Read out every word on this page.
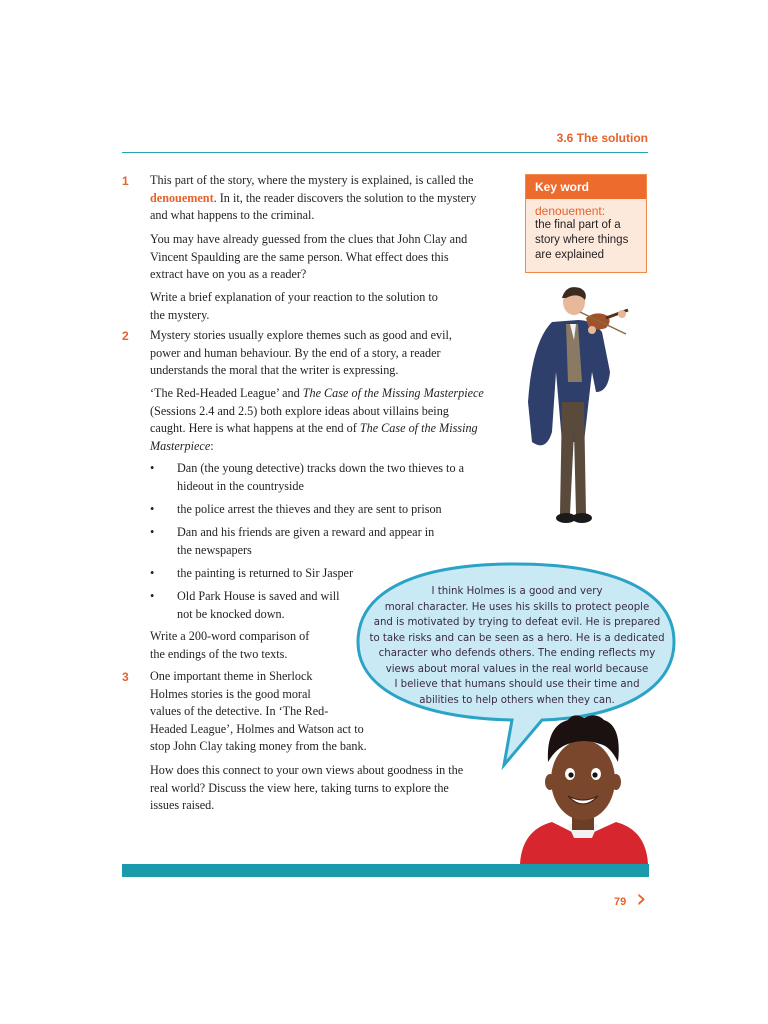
3.6 The solution
Key word
denouement:
the final part of a
story where things
are explained
I think Holmes is a good and very
moral character. He uses his skills to protect people
and is motivated by trying to defeat evil. He is prepared
to take risks and can be seen as a hero. He is a dedicated
character who defends others. The ending reflects my
views about moral values in the real world because
I believe that humans should use their time and
abilities to help others when they can.
1 This part of the story, where the mystery is explained, is called the

denouement. In it, the reader discovers the solution to the mystery

and what happens to the criminal.

You may have already guessed from the clues that John Clay and

Vincent Spaulding are the same person. What effect does this

extract have on you as a reader?

Write a brief explanation of your reaction to the solution to

the mystery.

2 Mystery stories usually explore themes such as good and evil,

power and human behaviour. By the end of a story, a reader

understands the moral that the writer is expressing.

‘The Red-Headed League’ and The Case of the Missing Masterpiece

(Sessions 2.4 and 2.5) both explore ideas about villains being

caught. Here is what happens at the end of The Case of the Missing

Masterpiece:

• Dan (the young detective) tracks down the two thieves to a
hideout in the countryside
• the police arrest the thieves and they are sent to prison
• Dan and his friends are given a reward and appear in
the newspapers
• the painting is returned to Sir Jasper
• Old Park House is saved and will
not be knocked down.

Write a 200-word comparison of

the endings of the two texts.

3 One important theme in Sherlock

Holmes stories is the good moral

values of the detective. In ‘The Red-

Headed League’, Holmes and Watson act to

stop John Clay taking money from the bank.

How does this connect to your own views about goodness in the

real world? Discuss the view here, taking turns to explore the

issues raised.

79 ›
